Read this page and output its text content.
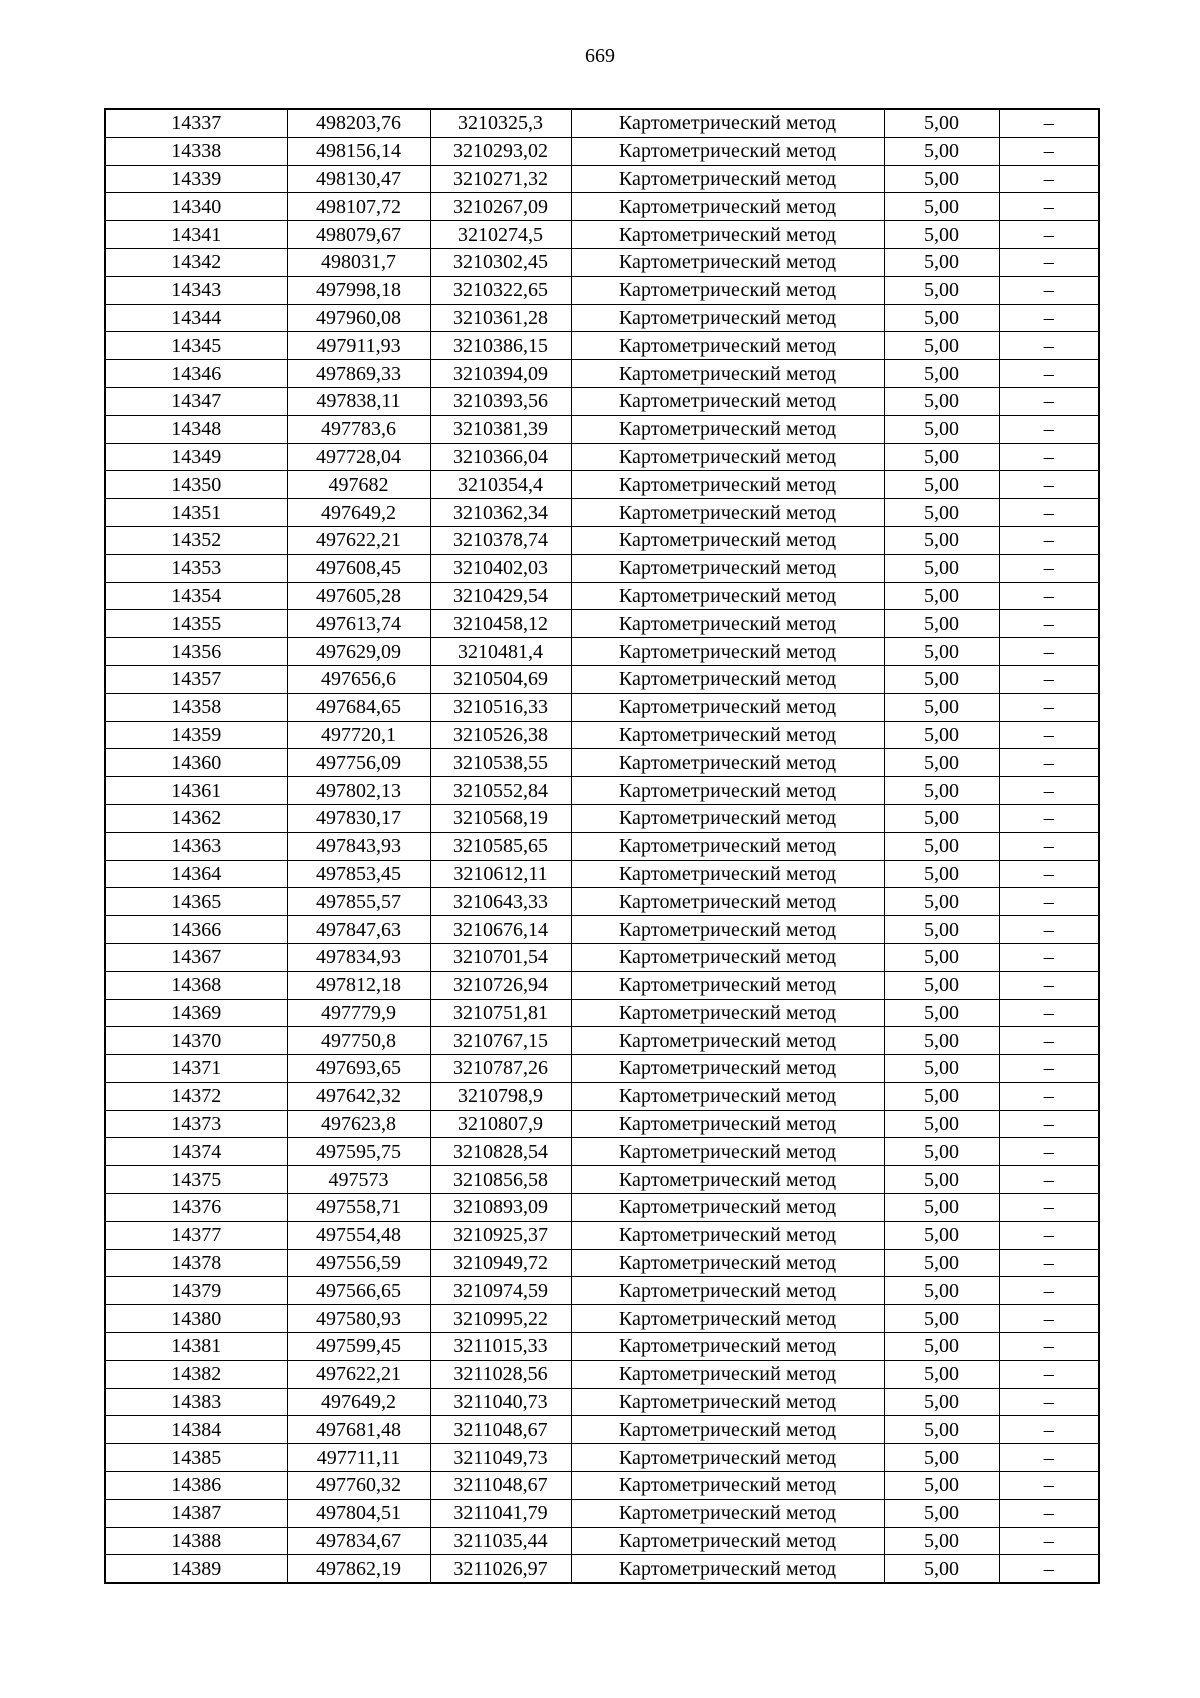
669
14337	498203,76	3210325,3	Картометрический метод	5,00	–
14338	498156,14	3210293,02	Картометрический метод	5,00	–
14339	498130,47	3210271,32	Картометрический метод	5,00	–
14340	498107,72	3210267,09	Картометрический метод	5,00	–
14341	498079,67	3210274,5	Картометрический метод	5,00	–
14342	498031,7	3210302,45	Картометрический метод	5,00	–
14343	497998,18	3210322,65	Картометрический метод	5,00	–
14344	497960,08	3210361,28	Картометрический метод	5,00	–
14345	497911,93	3210386,15	Картометрический метод	5,00	–
14346	497869,33	3210394,09	Картометрический метод	5,00	–
14347	497838,11	3210393,56	Картометрический метод	5,00	–
14348	497783,6	3210381,39	Картометрический метод	5,00	–
14349	497728,04	3210366,04	Картометрический метод	5,00	–
14350	497682	3210354,4	Картометрический метод	5,00	–
14351	497649,2	3210362,34	Картометрический метод	5,00	–
14352	497622,21	3210378,74	Картометрический метод	5,00	–
14353	497608,45	3210402,03	Картометрический метод	5,00	–
14354	497605,28	3210429,54	Картометрический метод	5,00	–
14355	497613,74	3210458,12	Картометрический метод	5,00	–
14356	497629,09	3210481,4	Картометрический метод	5,00	–
14357	497656,6	3210504,69	Картометрический метод	5,00	–
14358	497684,65	3210516,33	Картометрический метод	5,00	–
14359	497720,1	3210526,38	Картометрический метод	5,00	–
14360	497756,09	3210538,55	Картометрический метод	5,00	–
14361	497802,13	3210552,84	Картометрический метод	5,00	–
14362	497830,17	3210568,19	Картометрический метод	5,00	–
14363	497843,93	3210585,65	Картометрический метод	5,00	–
14364	497853,45	3210612,11	Картометрический метод	5,00	–
14365	497855,57	3210643,33	Картометрический метод	5,00	–
14366	497847,63	3210676,14	Картометрический метод	5,00	–
14367	497834,93	3210701,54	Картометрический метод	5,00	–
14368	497812,18	3210726,94	Картометрический метод	5,00	–
14369	497779,9	3210751,81	Картометрический метод	5,00	–
14370	497750,8	3210767,15	Картометрический метод	5,00	–
14371	497693,65	3210787,26	Картометрический метод	5,00	–
14372	497642,32	3210798,9	Картометрический метод	5,00	–
14373	497623,8	3210807,9	Картометрический метод	5,00	–
14374	497595,75	3210828,54	Картометрический метод	5,00	–
14375	497573	3210856,58	Картометрический метод	5,00	–
14376	497558,71	3210893,09	Картометрический метод	5,00	–
14377	497554,48	3210925,37	Картометрический метод	5,00	–
14378	497556,59	3210949,72	Картометрический метод	5,00	–
14379	497566,65	3210974,59	Картометрический метод	5,00	–
14380	497580,93	3210995,22	Картометрический метод	5,00	–
14381	497599,45	3211015,33	Картометрический метод	5,00	–
14382	497622,21	3211028,56	Картометрический метод	5,00	–
14383	497649,2	3211040,73	Картометрический метод	5,00	–
14384	497681,48	3211048,67	Картометрический метод	5,00	–
14385	497711,11	3211049,73	Картометрический метод	5,00	–
14386	497760,32	3211048,67	Картометрический метод	5,00	–
14387	497804,51	3211041,79	Картометрический метод	5,00	–
14388	497834,67	3211035,44	Картометрический метод	5,00	–
14389	497862,19	3211026,97	Картометрический метод	5,00	–
